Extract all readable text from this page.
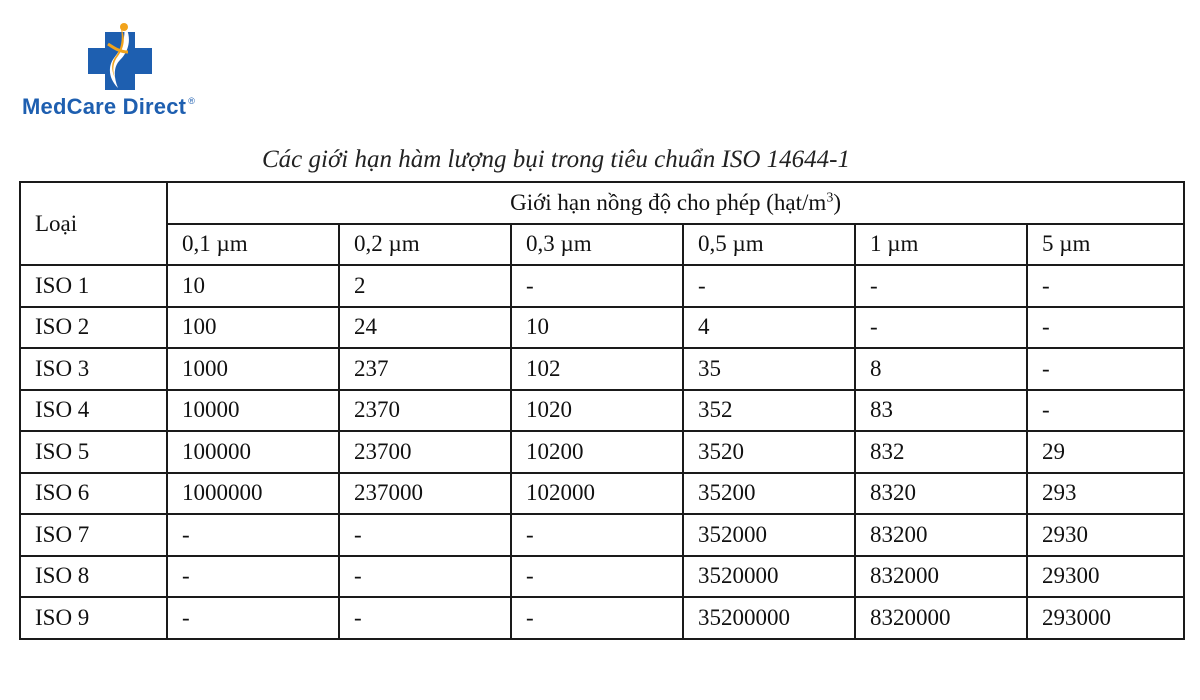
MedCare Direct ®
Các giới hạn hàm lượng bụi trong tiêu chuẩn ISO 14644-1
Loại	Giới hạn nồng độ cho phép $(hạt/m^3)$					
	0,1 µm	0,2 µm	0,3 µm	0,5 µm	1 µm	5 µm
ISO 1	10	2	-	-	-	-
ISO 2	100	24	10	4	-	-
ISO 3	1000	237	102	35	8	-
ISO 4	10000	2370	1020	352	83	-
ISO 5	100000	23700	10200	3520	832	29
ISO 6	1000000	237000	102000	35200	8320	293
ISO 7	-	-	-	352000	83200	2930
ISO 8	-	-	-	3520000	832000	29300
ISO 9	-	-	-	35200000	8320000	293000
